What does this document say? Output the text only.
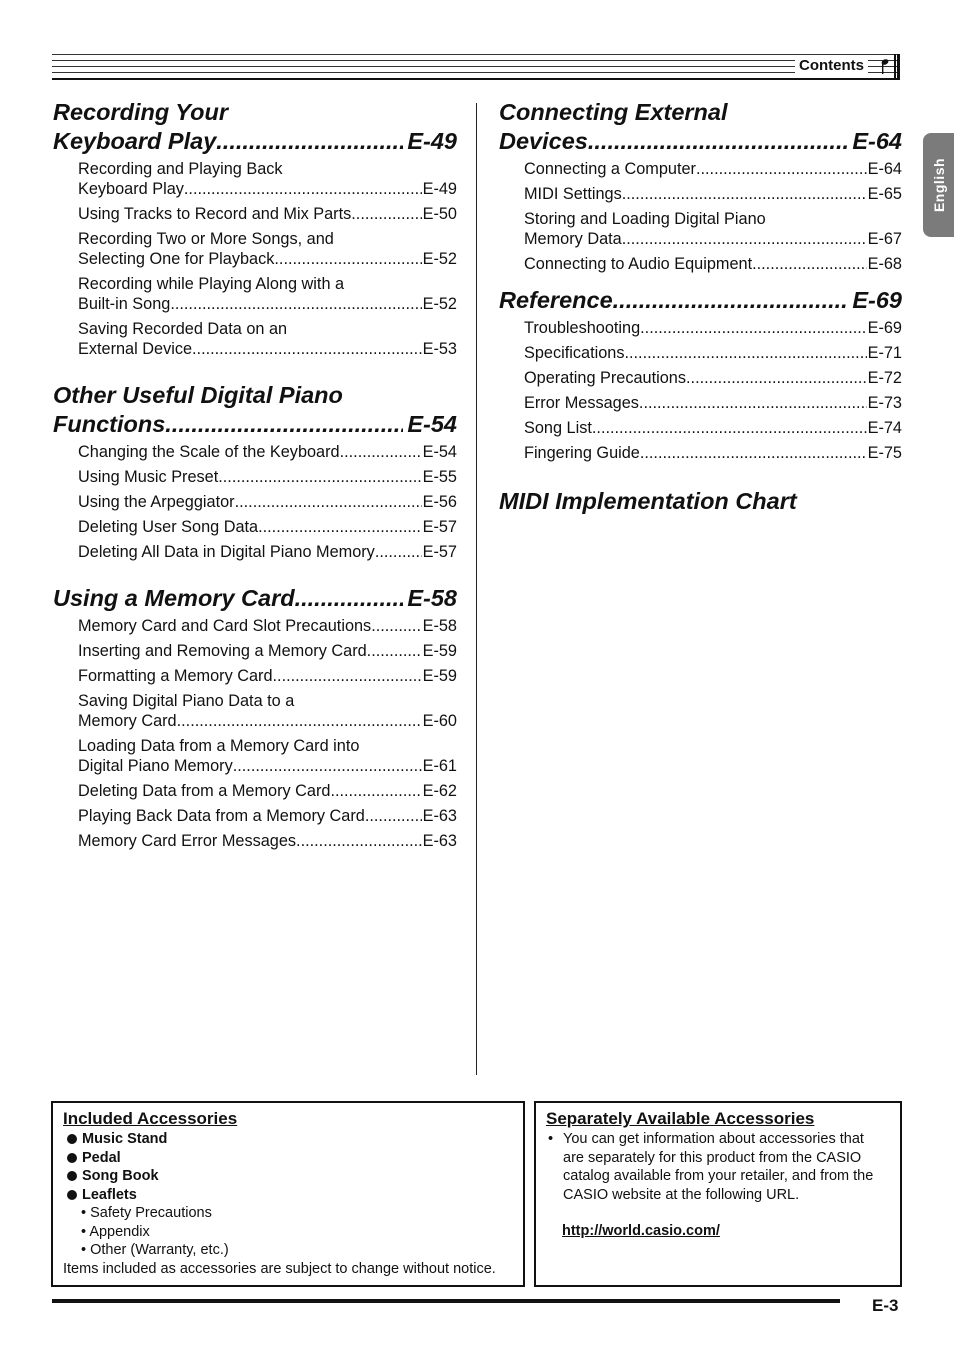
Contents
English
Recording Your
Keyboard Play .....	E-49
Recording and Playing Back
Keyboard Play .....	E-49
Using Tracks to Record and Mix Parts .....	E-50
Recording Two or More Songs, and
Selecting One for Playback .....	E-52
Recording while Playing Along with a
Built-in Song .....	E-52
Saving Recorded Data on an
External Device .....	E-53
Other Useful Digital Piano
Functions .....	E-54
Changing the Scale of the Keyboard .....	E-54
Using Music Preset .....	E-55
Using the Arpeggiator .....	E-56
Deleting User Song Data .....	E-57
Deleting All Data in Digital Piano Memory .....	E-57
Using a Memory Card .....	E-58
Memory Card and Card Slot Precautions .....	E-58
Inserting and Removing a Memory Card .....	E-59
Formatting a Memory Card .....	E-59
Saving Digital Piano Data to a
Memory Card .....	E-60
Loading Data from a Memory Card into
Digital Piano Memory .....	E-61
Deleting Data from a Memory Card .....	E-62
Playing Back Data from a Memory Card .....	E-63
Memory Card Error Messages .....	E-63
Connecting External
Devices .....	E-64
Connecting a Computer .....	E-64
MIDI Settings .....	E-65
Storing and Loading Digital Piano
Memory Data .....	E-67
Connecting to Audio Equipment .....	E-68
Reference .....	E-69
Troubleshooting .....	E-69
Specifications .....	E-71
Operating Precautions .....	E-72
Error Messages .....	E-73
Song List .....	E-74
Fingering Guide .....	E-75
MIDI Implementation Chart
Included Accessories
Music Stand
Pedal
Song Book
Leaflets
• Safety Precautions
• Appendix
• Other (Warranty, etc.)
Items included as accessories are subject to change without notice.
Separately Available Accessories
• You can get information about accessories that
are separately for this product from the CASIO
catalog available from your retailer, and from the
CASIO website at the following URL.
http://world.casio.com/
E-3
